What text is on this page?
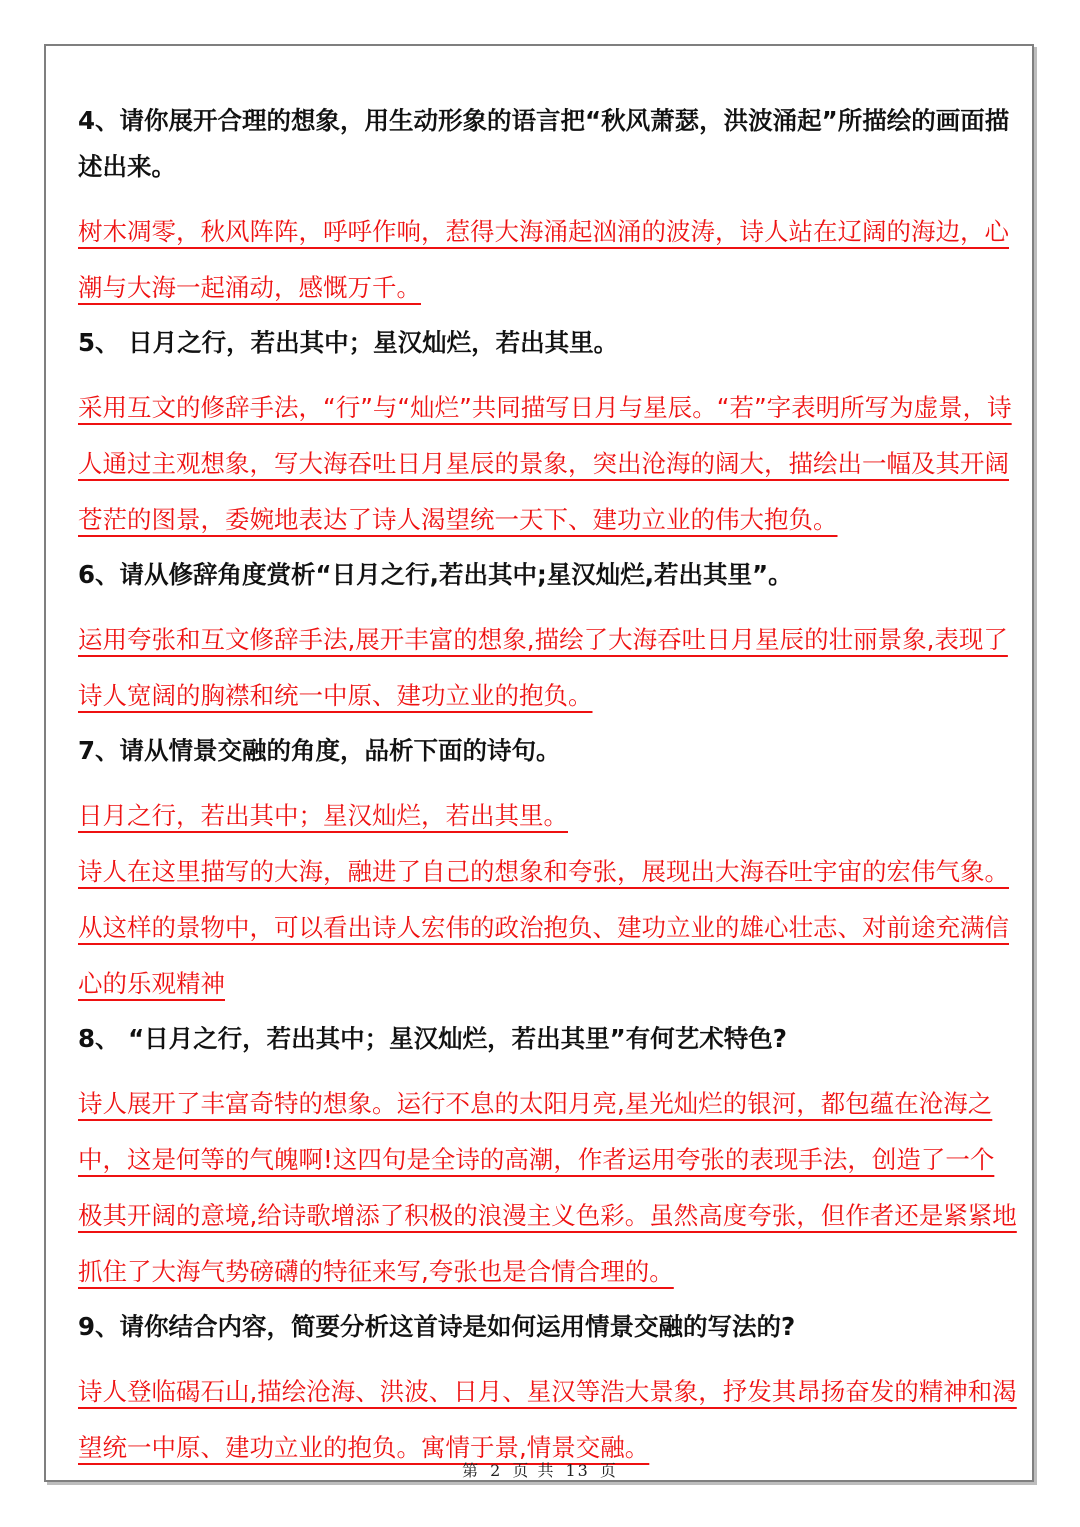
4、请你展开合理的想象，用生动形象的语言把“秋风萧瑟，洪波涌起”所描绘的画面描述出来。

树木凋零，秋风阵阵，呼呼作响，惹得大海涌起汹涌的波涛，诗人站在辽阔的海边，心潮与大海一起涌动，感慨万千。

5、 日月之行，若出其中；星汉灿烂，若出其里。

采用互文的修辞手法，“行”与“灿烂”共同描写日月与星辰。“若”字表明所写为虚景，诗人通过主观想象，写大海吞吐日月星辰的景象，突出沧海的阔大，描绘出一幅及其开阔苍茫的图景，委婉地表达了诗人渴望统一天下、建功立业的伟大抱负。

6、请从修辞角度赏析“日月之行,若出其中;星汉灿烂,若出其里”。

运用夸张和互文修辞手法,展开丰富的想象,描绘了大海吞吐日月星辰的壮丽景象,表现了诗人宽阔的胸襟和统一中原、建功立业的抱负。

7、请从情景交融的角度，品析下面的诗句。

日月之行，若出其中；星汉灿烂，若出其里。

诗人在这里描写的大海，融进了自己的想象和夸张，展现出大海吞吐宇宙的宏伟气象。从这样的景物中，可以看出诗人宏伟的政治抱负、建功立业的雄心壮志、对前途充满信心的乐观精神

8、 “日月之行，若出其中；星汉灿烂，若出其里”有何艺术特色?

诗人展开了丰富奇特的想象。运行不息的太阳月亮,星光灿烂的银河，都包蕴在沧海之中，这是何等的气魄啊!这四句是全诗的高潮，作者运用夸张的表现手法，创造了一个极其开阔的意境,给诗歌增添了积极的浪漫主义色彩。虽然高度夸张，但作者还是紧紧地抓住了大海气势磅礴的特征来写,夸张也是合情合理的。

9、请你结合内容，简要分析这首诗是如何运用情景交融的写法的?

诗人登临碣石山,描绘沧海、洪波、日月、星汉等浩大景象，抒发其昂扬奋发的精神和渴望统一中原、建功立业的抱负。寓情于景,情景交融。

第 2 页 共 13 页
